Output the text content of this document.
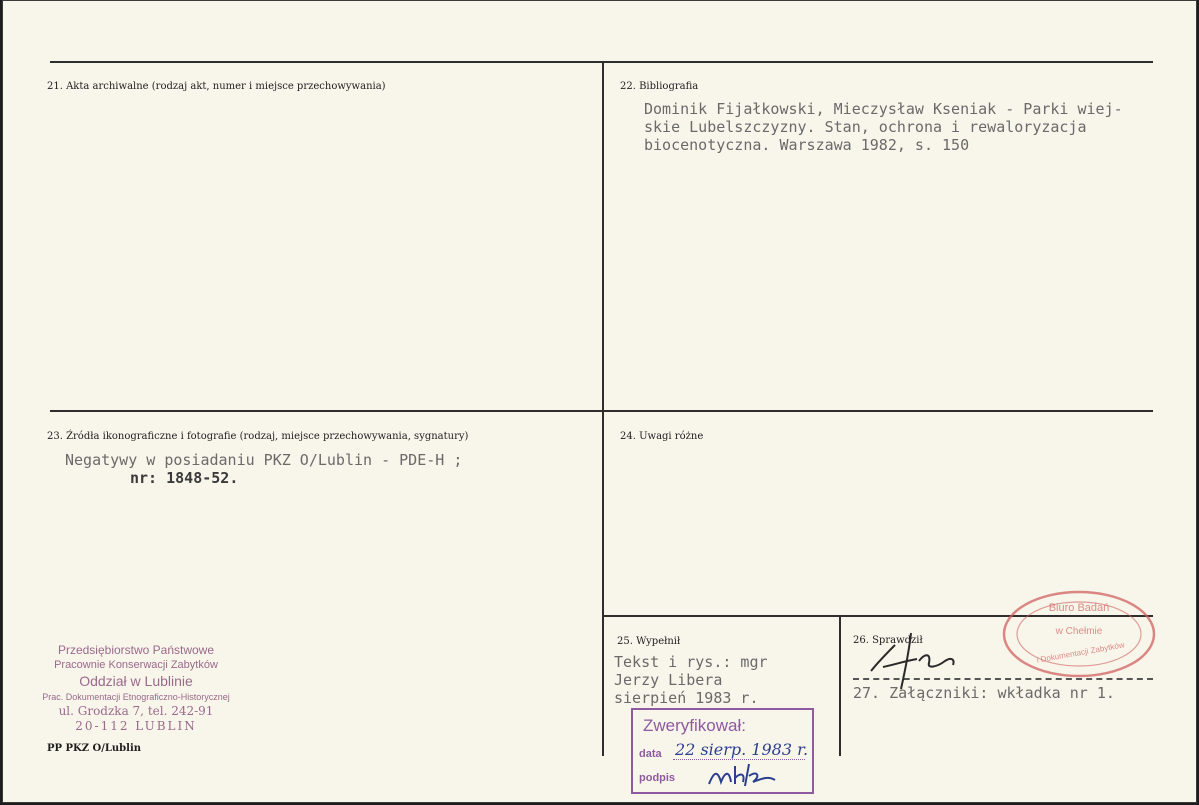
21. Akta archiwalne (rodzaj akt, numer i miejsce przechowywania)	22. Bibliografia
Dominik Fijałkowski, Mieczysław Kseniak - Parki wiej-
skie Lubelszczyzny. Stan, ochrona i rewaloryzacja
biocenotyczna. Warszawa 1982, s. 150
23. Źródła ikonograficzne i fotografie (rodzaj, miejsce przechowywania, sygnatury)
Negatywy w posiadaniu PKZ O/Lublin - PDE-H ;
nr: 1848-52.
24. Uwagi różne
25. Wypełnił
Tekst i rys.: mgr
Jerzy Libera
sierpień 1983 r.
26. Sprawdził
27. Załączniki: wkładka nr 1.
Biuro Badań
w Chełmie
i Dokumentacji Zabytków
Przedsiębiorstwo Państwowe
Pracownie Konserwacji Zabytków
Oddział w Lublinie
Prac. Dokumentacji Etnograficzno-Historycznej
ul. Grodzka 7, tel. 242-91
20-112 LUBLIN
PP PKZ O/Lublin
Zweryfikował:
data 22 sierp. 1983 r.
podpis
